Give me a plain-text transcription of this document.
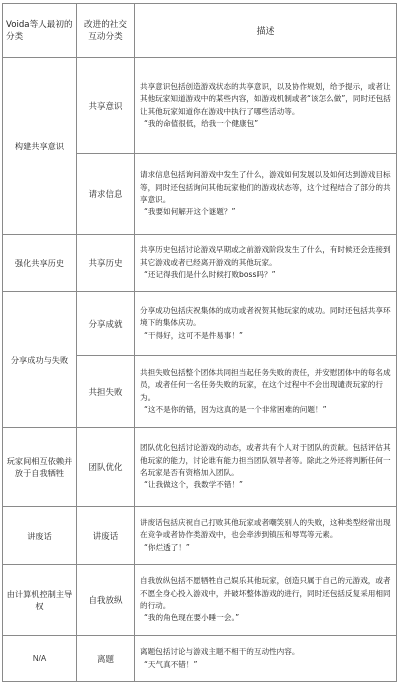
Voida等人最初的分类	改进的社交互动分类	描述
构建共享意识	共享意识	共享意识包括创造游戏状态的共享意识，以及协作规划，给予提示，或者让其他玩家知道游戏中的某些内容，如游戏机制或者“该怎么做”，同时还包括让其他玩家知道你在游戏中执行了哪些活动等。
“我的命值很低，给我一个健康包”

	请求信息	请求信息包括询问游戏中发生了什么，游戏如何发展以及如何达到游戏目标等，同时还包括询问其他玩家他们的游戏状态等，这个过程结合了部分的共享意识。
“我要如何解开这个谜题？”

强化共享历史	共享历史	共享历史包括讨论游戏早期或之前游戏阶段发生了什么，有时候还会连接到其它游戏或者已经离开游戏的其他玩家。
“还记得我们是什么时候打败boss吗？”

分享成功与失败	分享成就	分享成功包括庆祝集体的成功或者祝贺其他玩家的成功。同时还包括共享环境下的集体庆功。
“干得好，这可不是件易事！”

	共担失败	共担失败包括整个团体共同担当起任务失败的责任，并安慰团体中的每名成员，或者任何一名任务失败的玩家，在这个过程中不会出现谴责玩家的行为。
“这不是你的错，因为这真的是一个非常困难的问题！”

玩家间相互依赖并放于自我牺牲	团队优化	团队优化包括讨论游戏的动态，或者共有个人对于团队的贡献。包括评估其他玩家的能力，讨论谁有能力担当团队领导者等。除此之外还将判断任何一名玩家是否有资格加入团队。
“让我做这个，我数学不错！”

讲废话	讲废话	讲废话包括庆祝自己打败其他玩家或者嘲笑别人的失败，这种类型经常出现在竞争或者协作类游戏中，也会牵涉到镇压和辱骂等元素。
“你烂透了！”

由计算机控制主导权	自我放纵	自我放纵包括不愿牺牲自己娱乐其他玩家，创造只属于自己的元游戏，或者不愿全身心投入游戏中，并破坏整体游戏的进行，同时还包括反复采用相同的行动。
“我的角色现在要小睡一会。”

N/A	离题	离题包括讨论与游戏主题不相干的互动性内容。
“天气真不错！”
